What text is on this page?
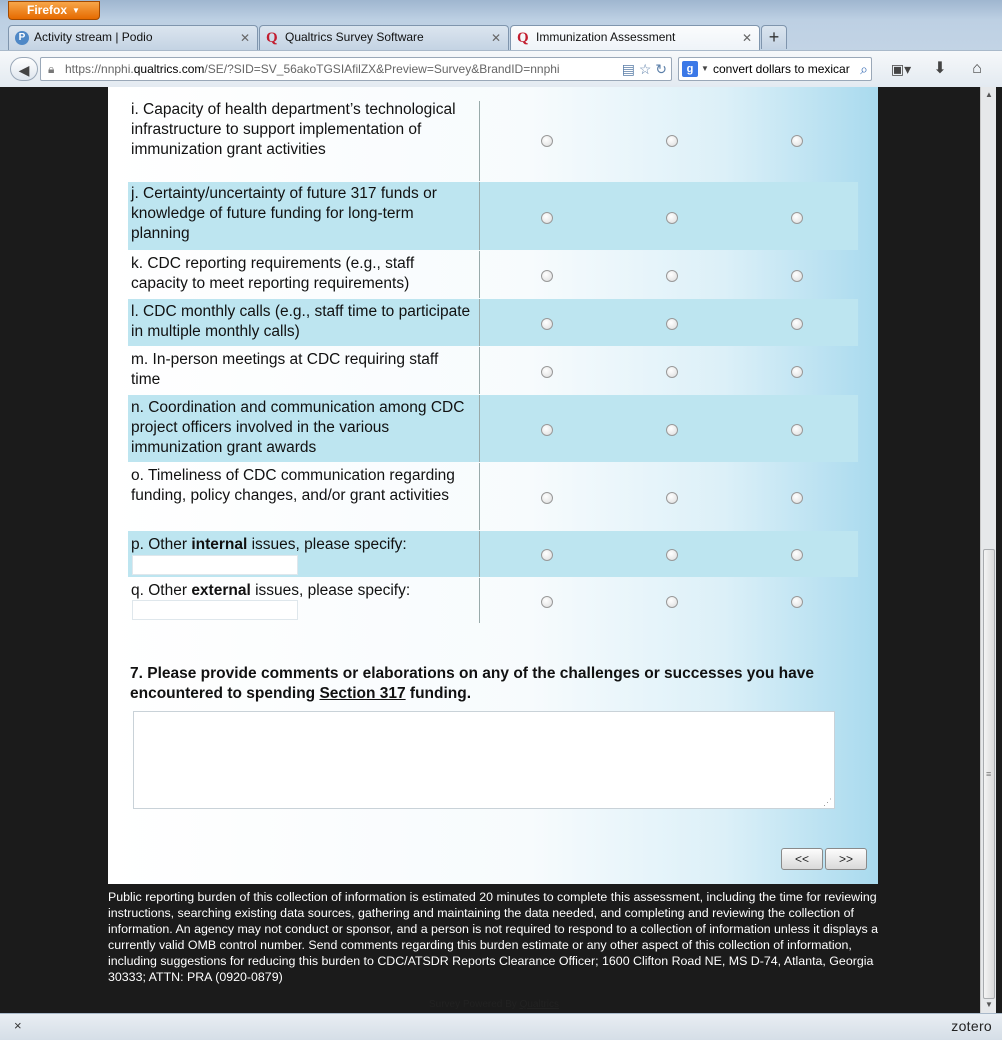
Firefox ▼
P Activity stream | Podio	✕ Q Qualtrics Survey Software	✕ Q Immunization Assessment	✕ +
◀	🔒︎ https://nnphi.qualtrics.com/SE/?SID=SV_56akoTGSIAfilZX&Preview=Survey&BrandID=nnphi	▤ ☆ ↻	g ▼ convert dollars to mexicar ⌕	▣▾	⬇	⌂
i. Capacity of health department’s technological infrastructure to support implementation of immunization grant activities
j. Certainty/uncertainty of future 317 funds or knowledge of future funding for long-term planning
k. CDC reporting requirements (e.g., staff capacity to meet reporting requirements)
l. CDC monthly calls (e.g., staff time to participate in multiple monthly calls)
m. In-person meetings at CDC requiring staff time
n. Coordination and communication among CDC project officers involved in the various immunization grant awards
o. Timeliness of CDC communication regarding funding, policy changes, and/or grant activities
p. Other internal issues, please specify:
q. Other external issues, please specify:
7. Please provide comments or elaborations on any of the challenges or successes you have encountered to spending Section 317 funding.
⋰
<<	>>
Public reporting burden of this collection of information is estimated 20 minutes to complete this assessment, including the time for reviewing instructions, searching existing data sources, gathering and maintaining the data needed, and completing and reviewing the collection of information. An agency may not conduct or sponsor, and a person is not required to respond to a collection of information unless it displays a currently valid OMB control number. Send comments regarding this burden estimate or any other aspect of this collection of information, including suggestions for reducing this burden to CDC/ATSDR Reports Clearance Officer; 1600 Clifton Road NE, MS D-74, Atlanta, Georgia 30333; ATTN: PRA (0920-0879)
Survey Powered By Qualtrics
▲
≡
▼
×	zotero
